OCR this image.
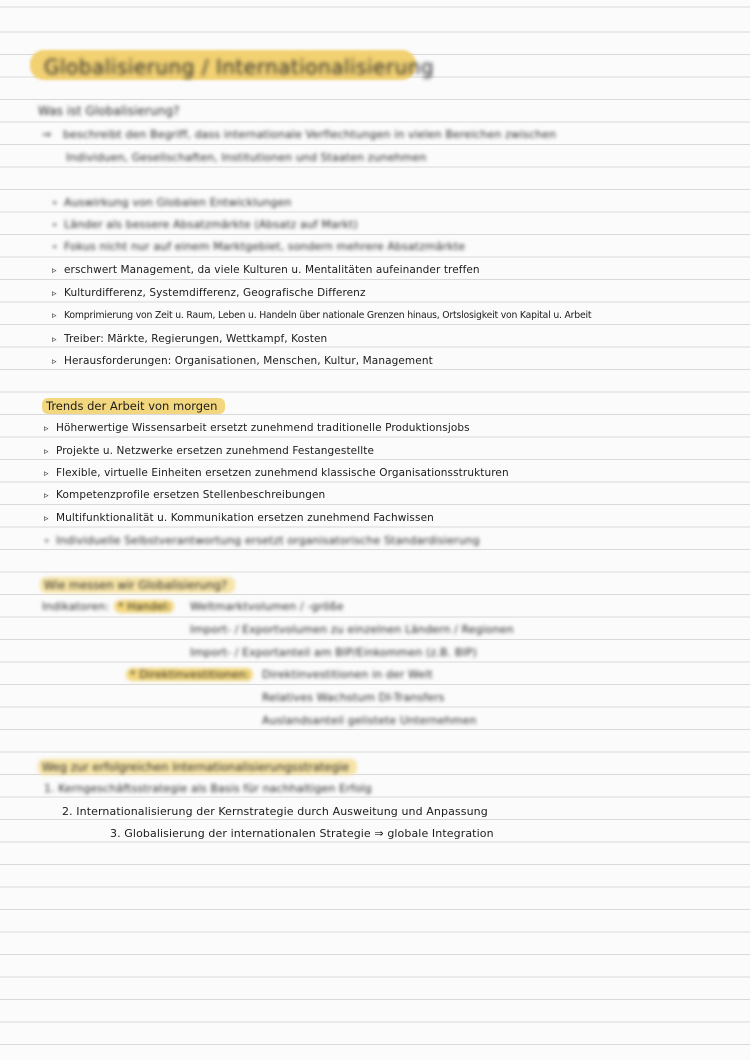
Globalisierung / Internationalisierung
Was ist Globalisierung?
⇒ beschreibt den Begriff, dass internationale Verflechtungen in vielen Bereichen zwischen
Individuen, Gesellschaften, Institutionen und Staaten zunehmen
• Auswirkung von Globalen Entwicklungen
• Länder als bessere Absatzmärkte (Absatz auf Markt)
• Fokus nicht nur auf einem Marktgebiet, sondern mehrere Absatzmärkte
▹ erschwert Management, da viele Kulturen u. Mentalitäten aufeinander treffen
▹ Kulturdifferenz, Systemdifferenz, Geografische Differenz
▹ Komprimierung von Zeit u. Raum, Leben u. Handeln über nationale Grenzen hinaus, Ortslosigkeit von Kapital u. Arbeit
▹ Treiber: Märkte, Regierungen, Wettkampf, Kosten
▹ Herausforderungen: Organisationen, Menschen, Kultur, Management
Trends der Arbeit von morgen
▹ Höherwertige Wissensarbeit ersetzt zunehmend traditionelle Produktionsjobs
▹ Projekte u. Netzwerke ersetzen zunehmend Festangestellte
▹ Flexible, virtuelle Einheiten ersetzen zunehmend klassische Organisationsstrukturen
▹ Kompetenzprofile ersetzen Stellenbeschreibungen
▹ Multifunktionalität u. Kommunikation ersetzen zunehmend Fachwissen
• Individuelle Selbstverantwortung ersetzt organisatorische Standardisierung
Wie messen wir Globalisierung?
Indikatoren: * Handel:	Weltmarktvolumen / -größe
Import- / Exportvolumen zu einzelnen Ländern / Regionen
Import- / Exportanteil am BIP/Einkommen (z.B. BIP)
* Direktinvestitionen:	Direktinvestitionen in der Welt
Relatives Wachstum DI-Transfers
Auslandsanteil gelistete Unternehmen
Weg zur erfolgreichen Internationalisierungsstrategie
1. Kerngeschäftsstrategie als Basis für nachhaltigen Erfolg
2. Internationalisierung der Kernstrategie durch Ausweitung und Anpassung
3. Globalisierung der internationalen Strategie ⇒ globale Integration
